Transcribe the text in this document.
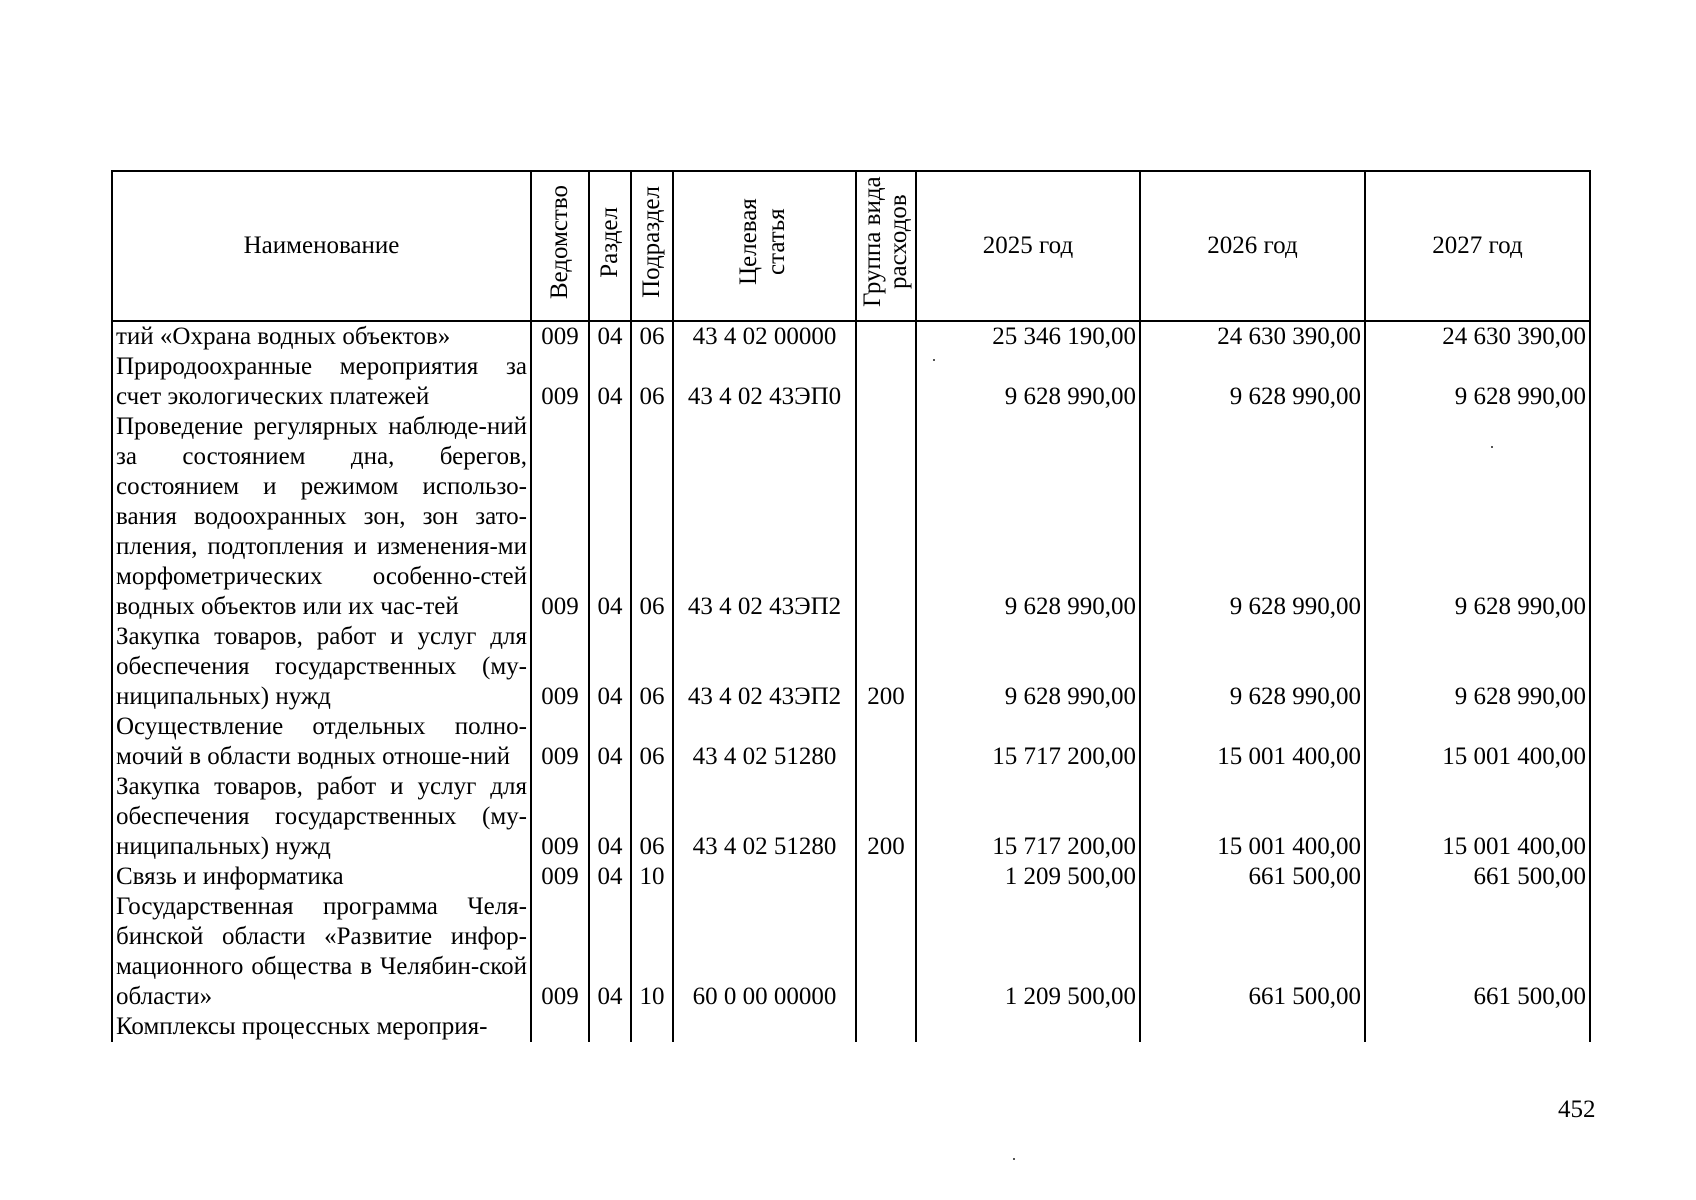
Наименование	Ведомство	Раздел	Подраздел	Целевая статья	Группа вида расходов	2025 год	2026 год	2027 год
тий «Охрана водных объектов»	009	04	06	43 4 02 00000		25 346 190,00	24 630 390,00	24 630 390,00
Природоохранные мероприятия за счет экологических платежей	009	04	06	43 4 02 43ЭП0		9 628 990,00	9 628 990,00	9 628 990,00
Проведение регулярных наблюде-ний за состоянием дна, берегов, состоянием и режимом использо-вания водоохранных зон, зон зато-пления, подтопления и изменения-ми морфометрических особенно-стей водных объектов или их час-тей	009	04	06	43 4 02 43ЭП2		9 628 990,00	9 628 990,00	9 628 990,00
Закупка товаров, работ и услуг для обеспечения государственных (му-ниципальных) нужд	009	04	06	43 4 02 43ЭП2	200	9 628 990,00	9 628 990,00	9 628 990,00
Осуществление отдельных полно-мочий в области водных отноше-ний	009	04	06	43 4 02 51280		15 717 200,00	15 001 400,00	15 001 400,00
Закупка товаров, работ и услуг для обеспечения государственных (му-ниципальных) нужд	009	04	06	43 4 02 51280	200	15 717 200,00	15 001 400,00	15 001 400,00
Связь и информатика	009	04	10			1 209 500,00	661 500,00	661 500,00
Государственная программа Челя-бинской области «Развитие инфор-мационного общества в Челябин-ской области»	009	04	10	60 0 00 00000		1 209 500,00	661 500,00	661 500,00
Комплексы процессных мероприя-								
452
